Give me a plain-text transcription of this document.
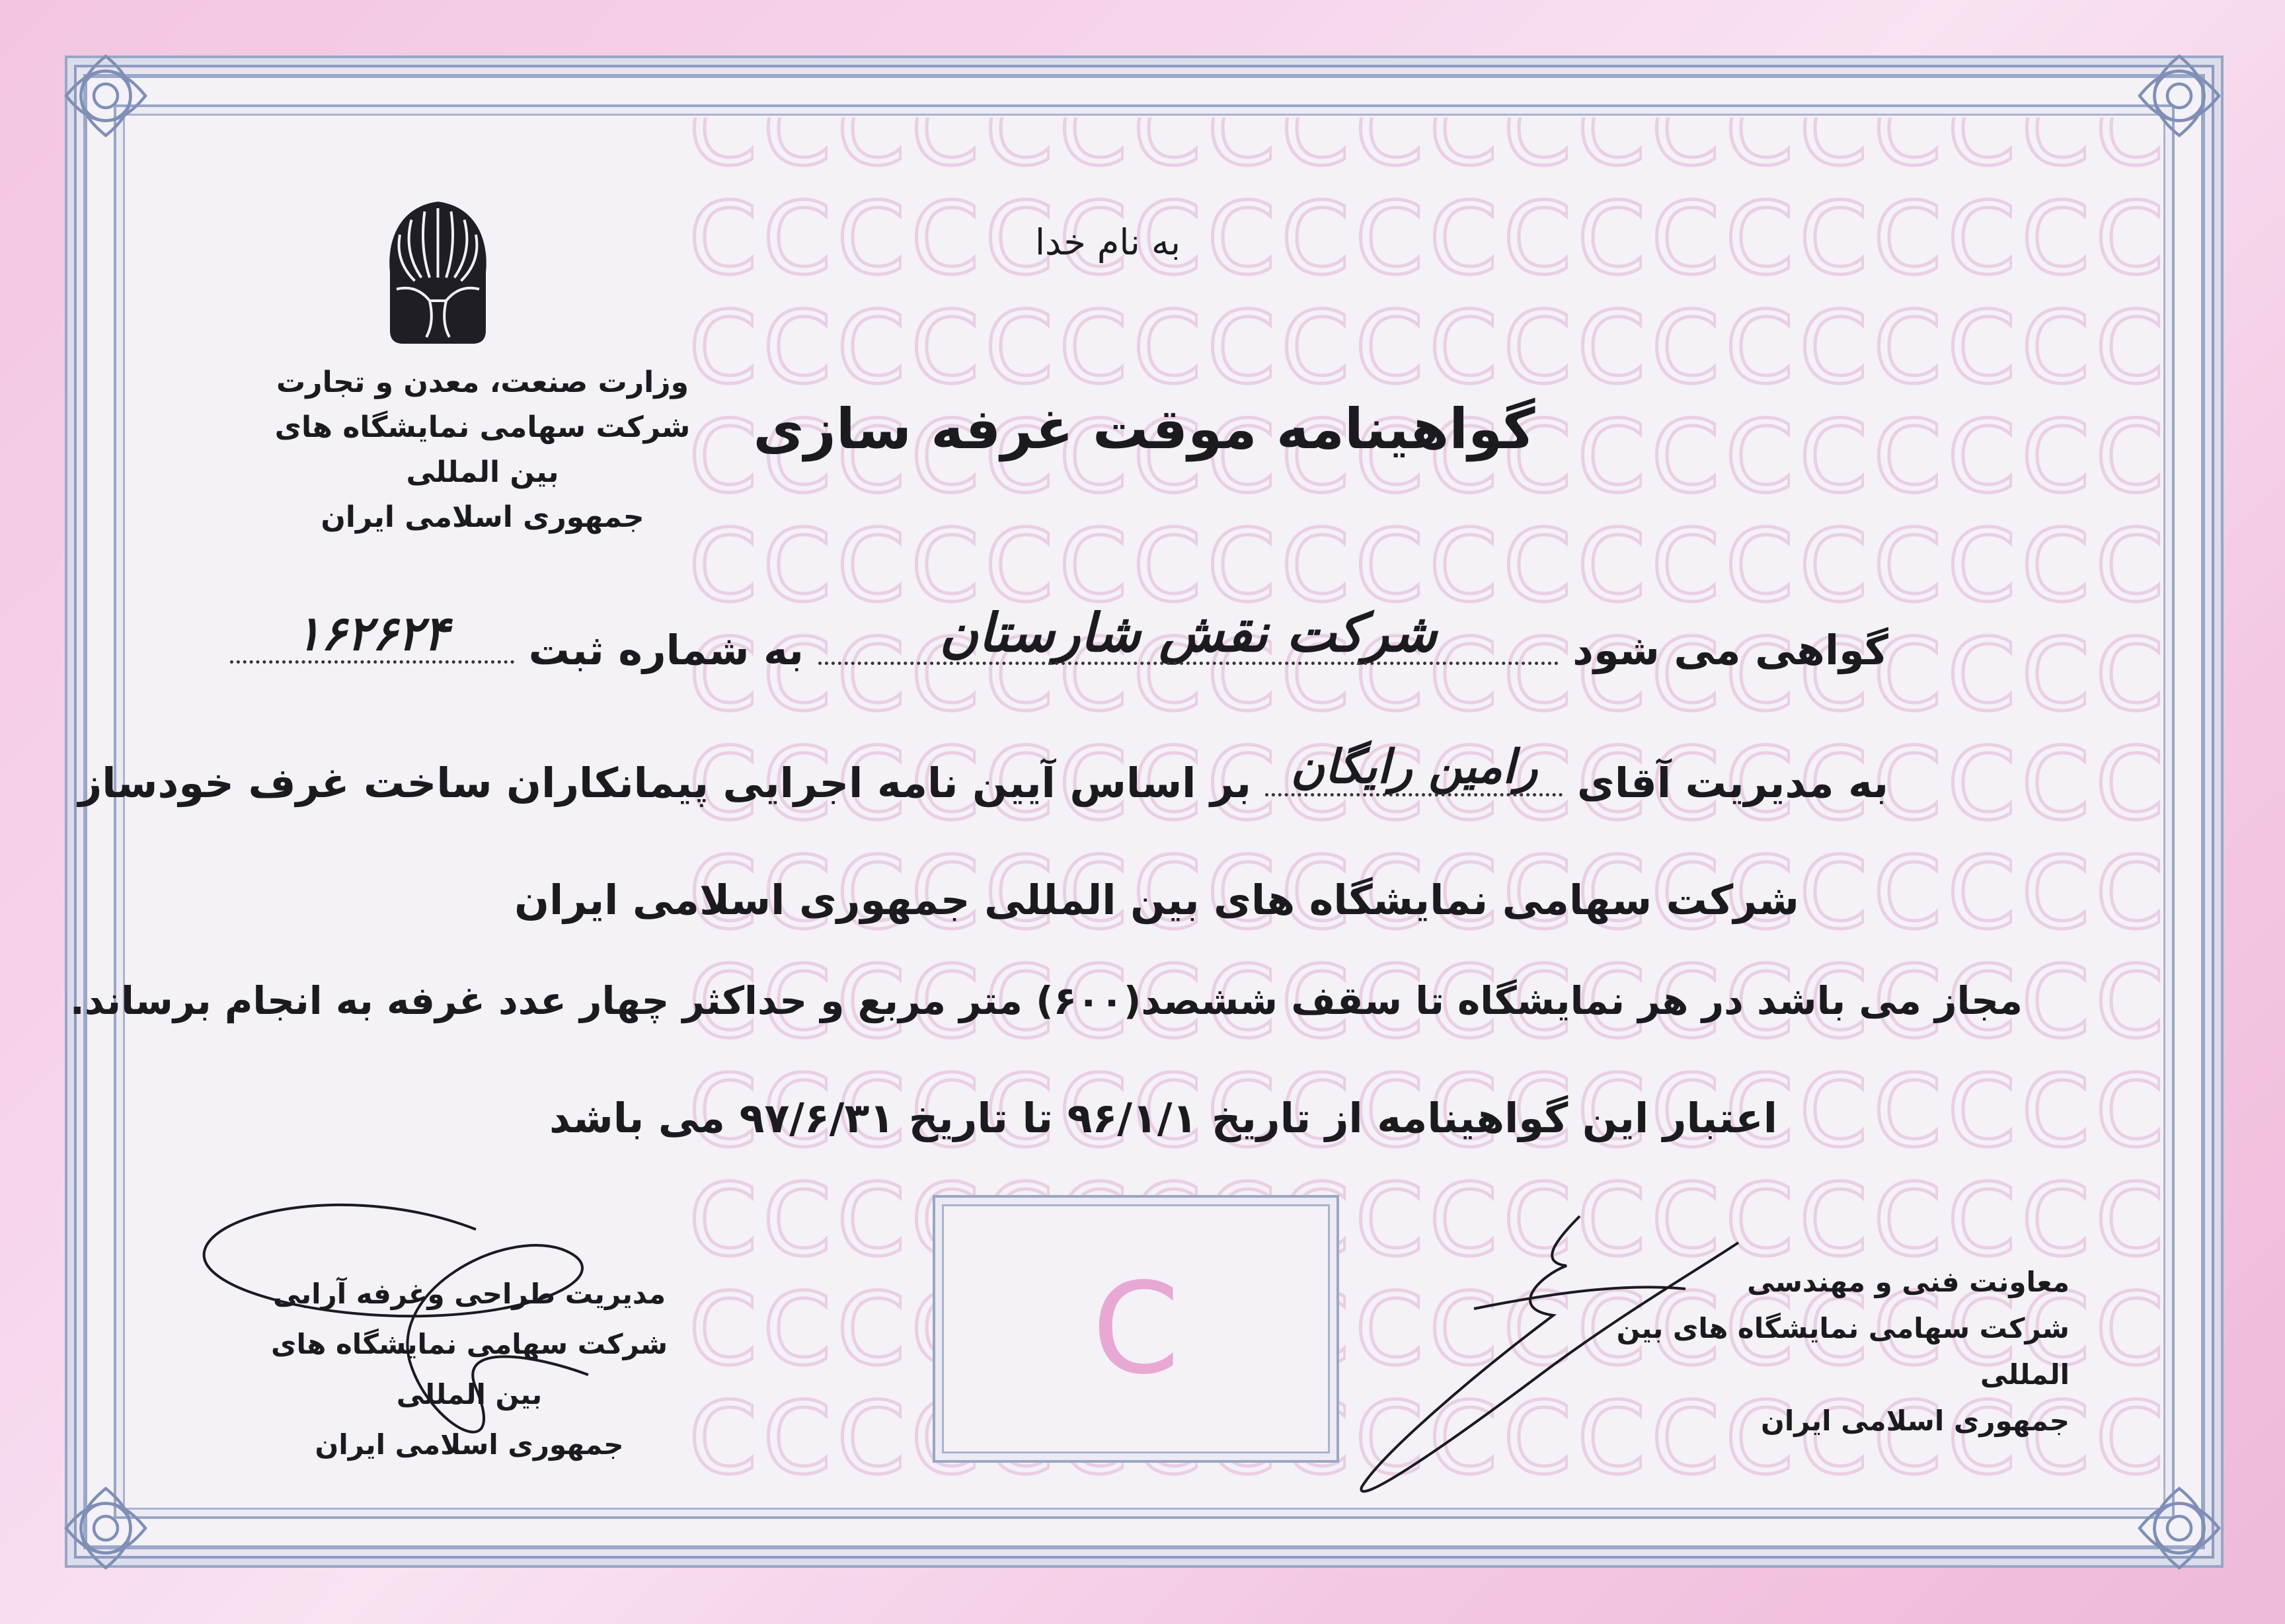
وزارت صنعت، معدن و تجارت
شرکت سهامی نمایشگاه های بین المللی
جمهوری اسلامی ایران
به نام خدا
گواهینامه موقت غرفه سازی
گواهی می شود شرکت نقش شارستان
به شماره ثبت ۱۶۲۶۲۴
به مدیریت آقای رامین رایگان
بر اساس آیین نامه اجرایی پیمانکاران ساخت غرف خودساز
شرکت سهامی نمایشگاه های بین المللی جمهوری اسلامی ایران
مجاز می باشد در هر نمایشگاه تا سقف ششصد(۶۰۰) متر مربع و حداکثر چهار عدد غرفه به انجام برساند.
اعتبار این گواهینامه از تاریخ ۹۶/۱/۱ تا تاریخ ۹۷/۶/۳۱ می باشد
C
مدیریت طراحی وغرفه آرایی
شرکت سهامی نمایشگاه های بین المللی
جمهوری اسلامی ایران
معاونت فنی و مهندسی
شرکت سهامی نمایشگاه های بین المللی
جمهوری اسلامی ایران
